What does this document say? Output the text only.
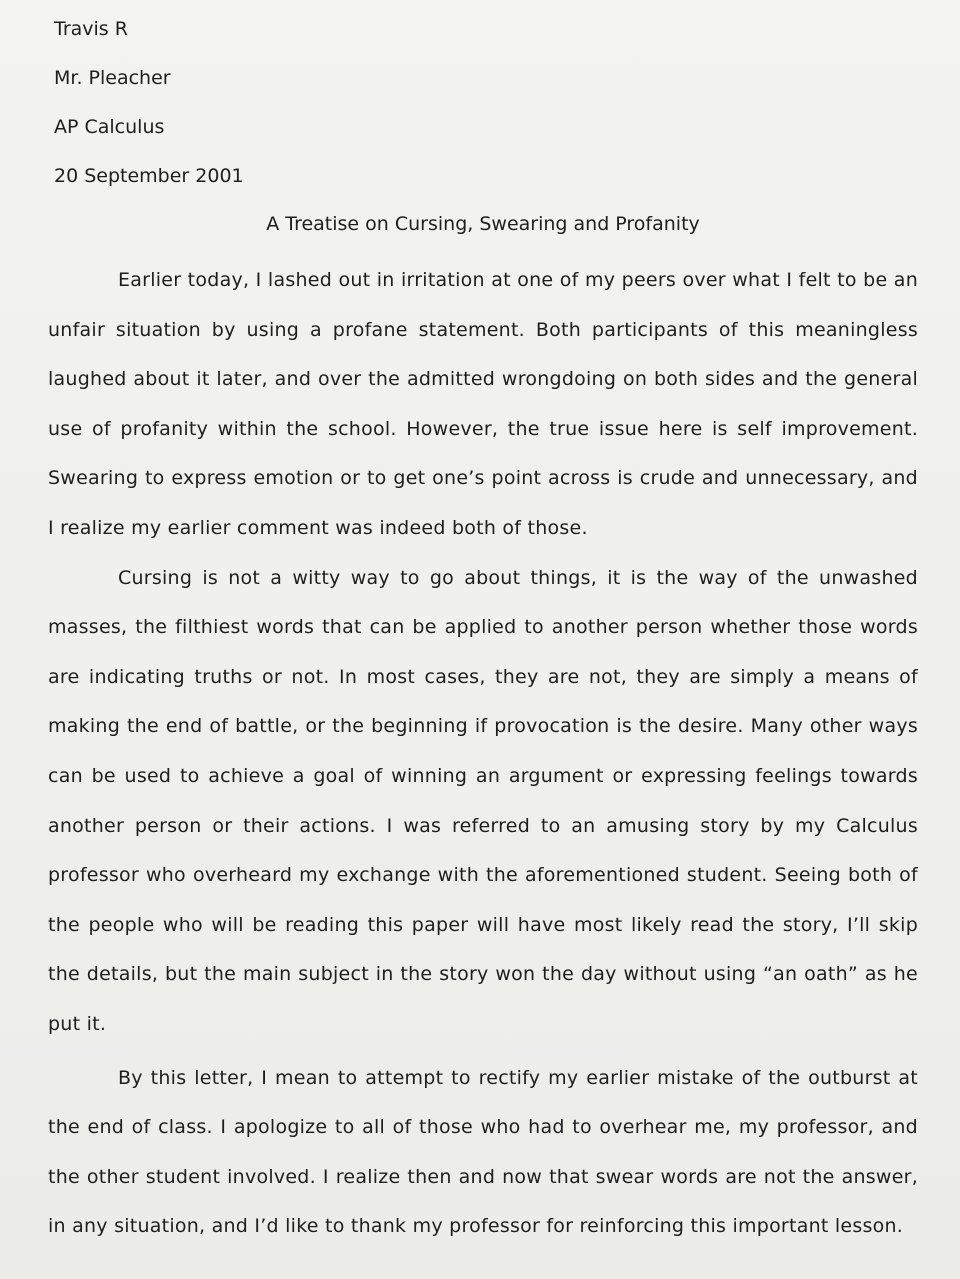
Travis R
Mr. Pleacher
AP Calculus
20 September 2001
A Treatise on Cursing, Swearing and Profanity

Earlier today, I lashed out in irritation at one of my peers over what I felt to be an unfair situation by using a profane statement. Both participants of this meaningless laughed about it later, and over the admitted wrongdoing on both sides and the general use of profanity within the school. However, the true issue here is self improvement. Swearing to express emotion or to get one’s point across is crude and unnecessary, and I realize my earlier comment was indeed both of those.

Cursing is not a witty way to go about things, it is the way of the unwashed masses, the filthiest words that can be applied to another person whether those words are indicating truths or not. In most cases, they are not, they are simply a means of making the end of battle, or the beginning if provocation is the desire. Many other ways can be used to achieve a goal of winning an argument or expressing feelings towards another person or their actions. I was referred to an amusing story by my Calculus professor who overheard my exchange with the aforementioned student. Seeing both of the people who will be reading this paper will have most likely read the story, I’ll skip the details, but the main subject in the story won the day without using “an oath” as he put it.

By this letter, I mean to attempt to rectify my earlier mistake of the outburst at the end of class. I apologize to all of those who had to overhear me, my professor, and the other student involved. I realize then and now that swear words are not the answer, in any situation, and I’d like to thank my professor for reinforcing this important lesson.
